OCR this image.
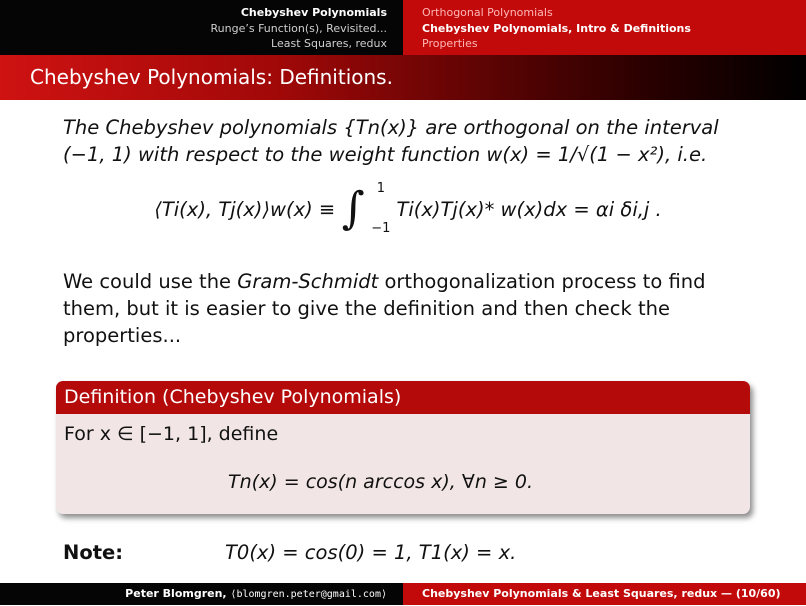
Chebyshev Polynomials
Runge’s Function(s), Revisited...
Least Squares, redux
Orthogonal Polynomials
Chebyshev Polynomials, Intro & Definitions
Properties
Chebyshev Polynomials: Definitions.
The Chebyshev polynomials {Tn(x)} are orthogonal on the interval
(−1, 1) with respect to the weight function w(x) = 1/√(1 − x²), i.e.
⟨Ti(x), Tj(x)⟩w(x) ≡ ∫ 1
−1
Ti(x)Tj(x)* w(x)dx = αi δi,j .
We could use the Gram-Schmidt orthogonalization process to find them, but it is easier to give the definition and then check the properties...
Definition (Chebyshev Polynomials)
For x ∈ [−1, 1], define
Tn(x) = cos(n arccos x), ∀n ≥ 0.
Note:	T0(x) = cos(0) = 1, T1(x) = x.
Peter Blomgren, ⟨blomgren.peter@gmail.com⟩	Chebyshev Polynomials & Least Squares, redux — (10/60)
